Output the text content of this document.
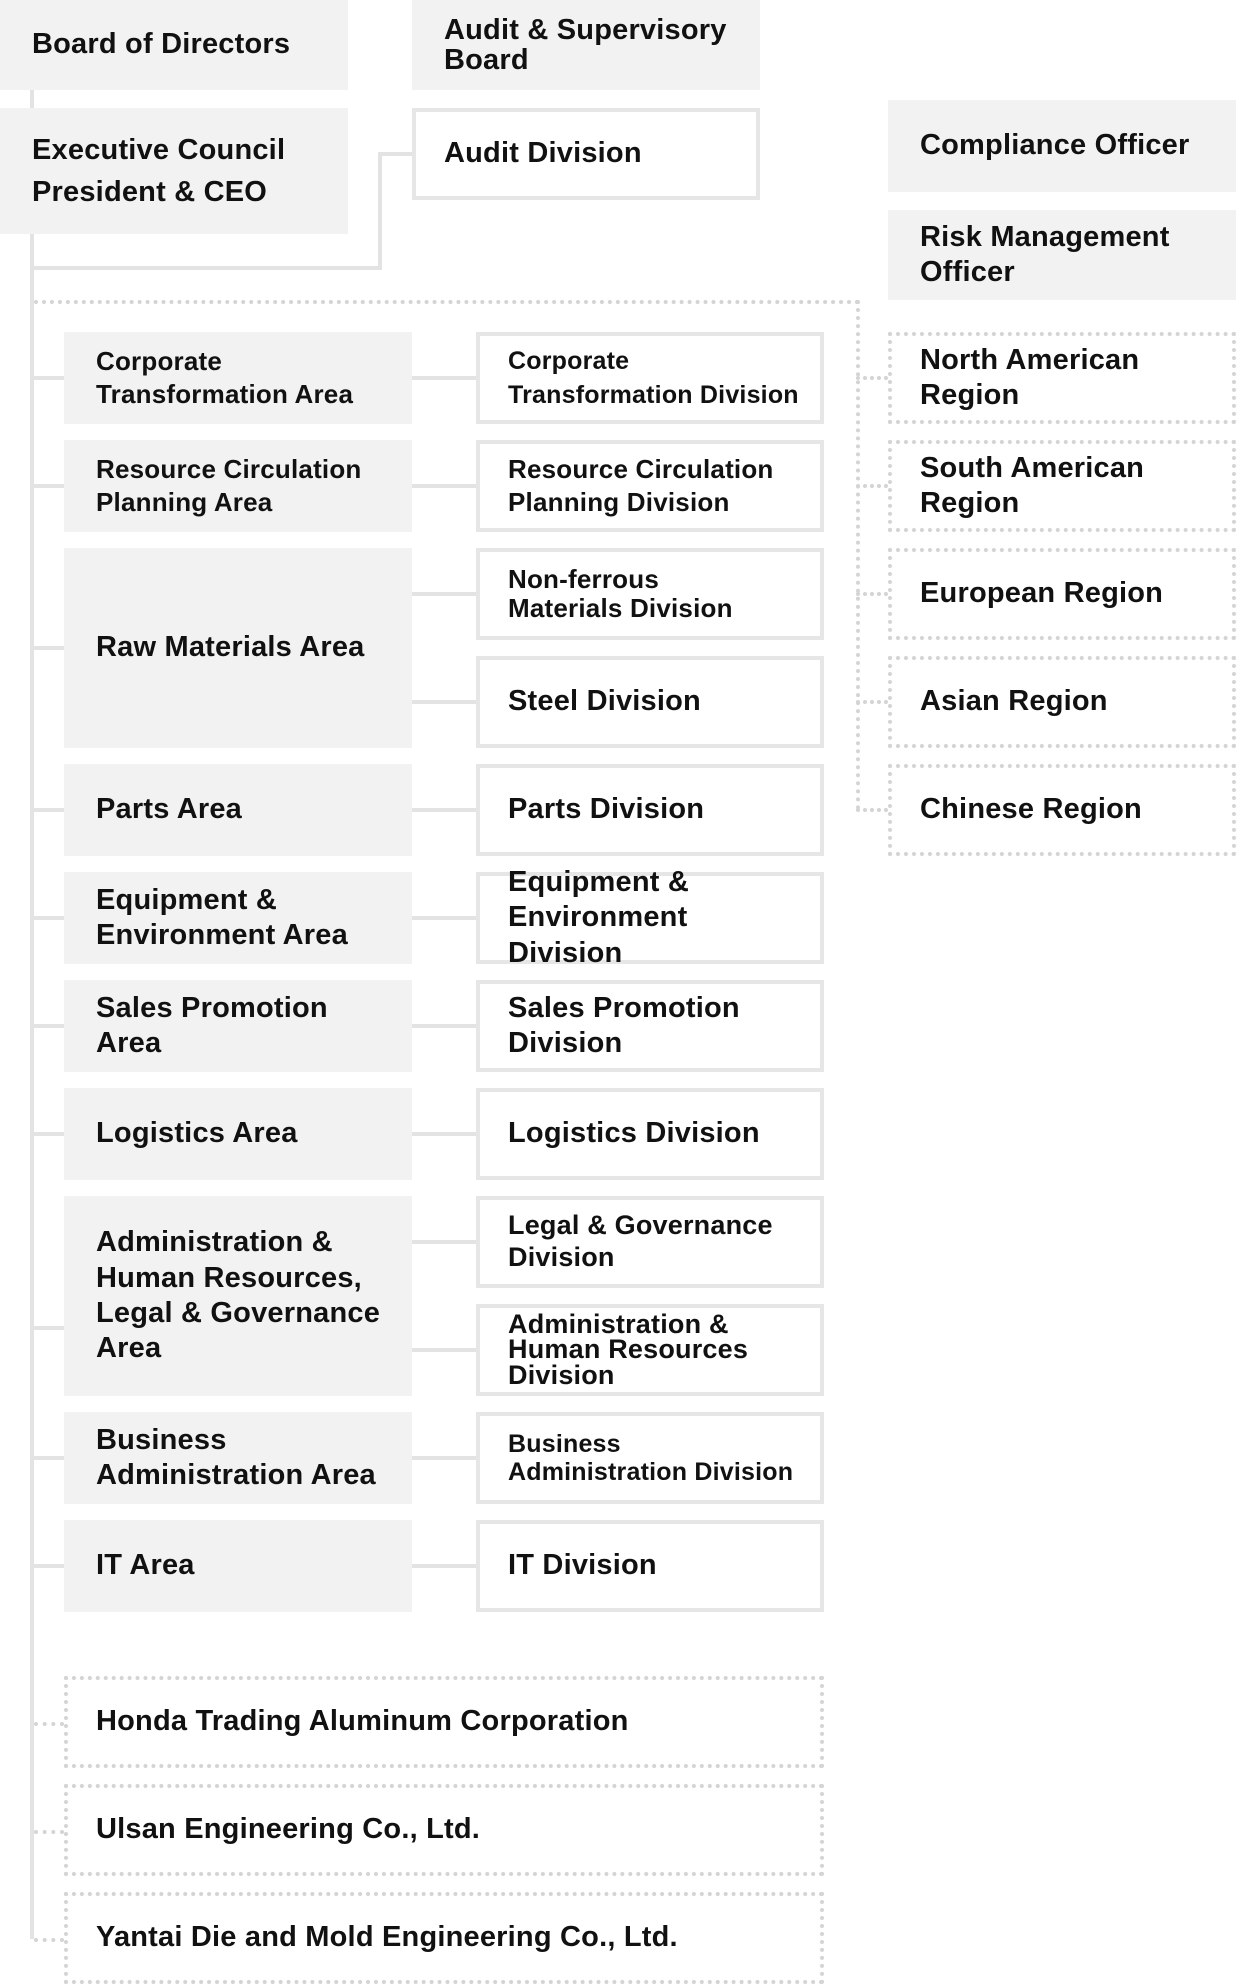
Board of Directors	Audit & Supervisory
Board
Executive Council
President & CEO
Audit Division	Compliance Officer
Risk Management
Officer
Corporate
Transformation Area
Resource Circulation
Planning Area
Raw Materials Area
Parts Area
Equipment &
Environment Area
Sales Promotion
Area
Logistics Area
Administration &
Human Resources,
Legal & Governance
Area
Business
Administration Area
IT Area
Corporate
Transformation Division
Resource Circulation
Planning Division
Non-ferrous
Materials Division
Steel Division
Parts Division
Equipment &
Environment Division
Sales Promotion
Division
Logistics Division
Legal & Governance
Division
Administration &
Human Resources
Division
Business
Administration Division
IT Division
North American
Region
South American
Region
European Region
Asian Region
Chinese Region
Honda Trading Aluminum Corporation
Ulsan Engineering Co., Ltd.
Yantai Die and Mold Engineering Co., Ltd.
